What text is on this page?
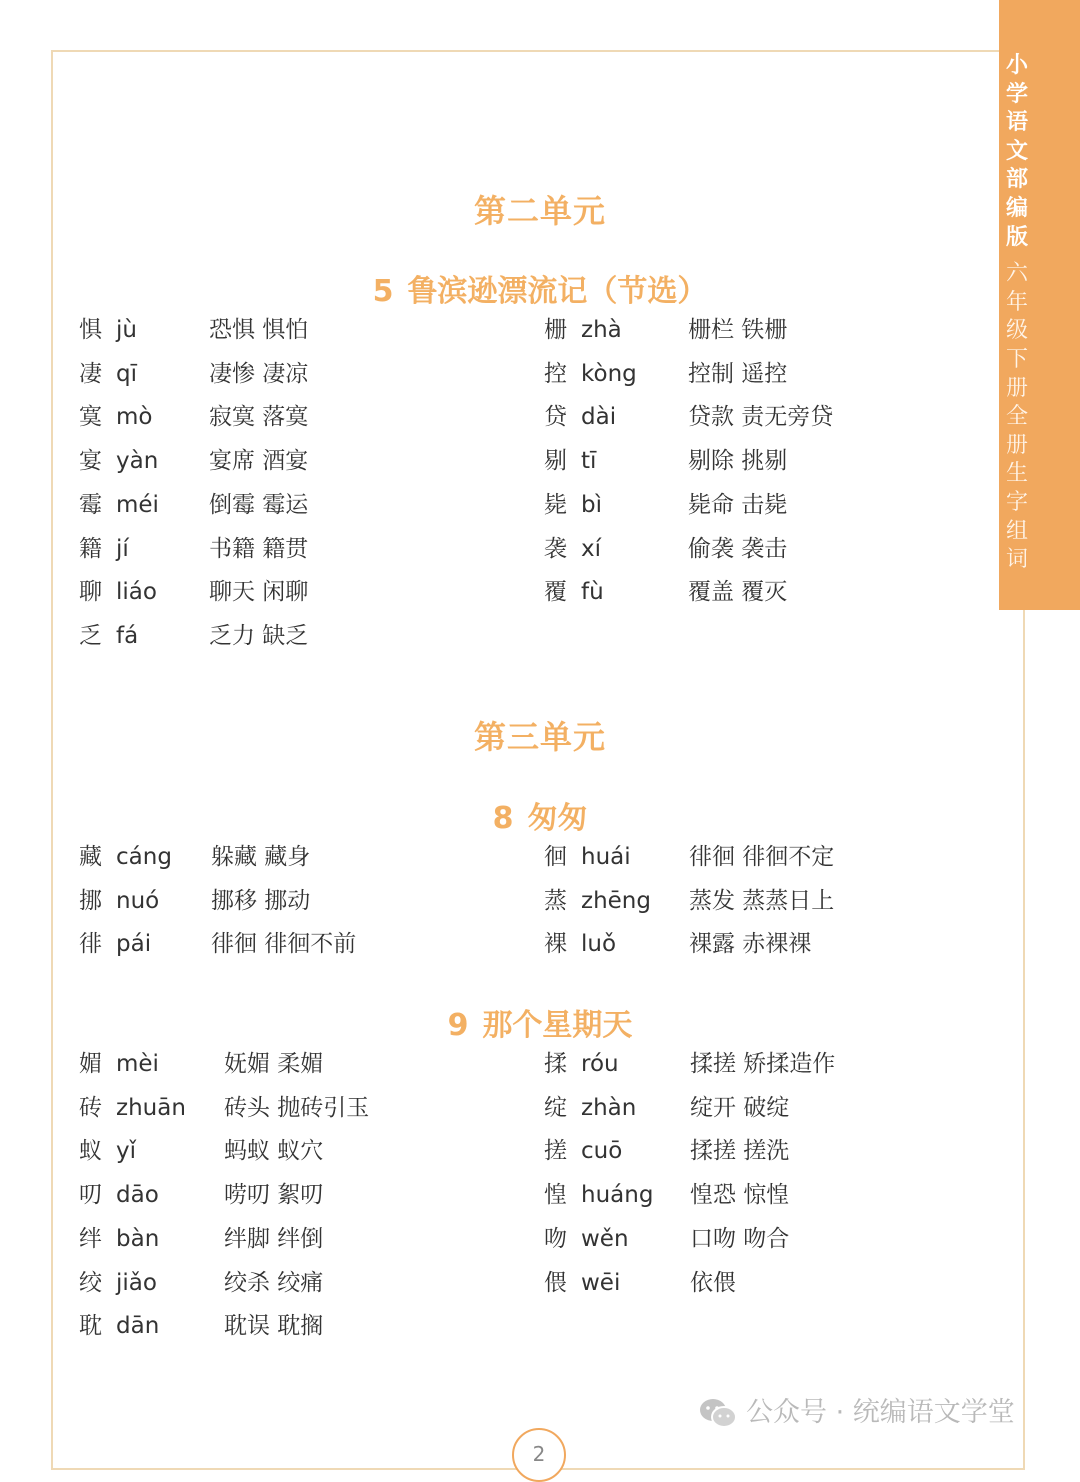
小学语文部编版
六年级下册 全册生字组词
第二单元
5 鲁滨逊漂流记（节选）
第三单元
8 匆匆
9 那个星期天
惧 jù	恐惧 惧怕
凄 qī	凄惨 凄凉
寞 mò 寂寞 落寞
宴 yàn 宴席 酒宴
霉 méi 倒霉 霉运
籍 jí	书籍 籍贯
聊 liáo 聊天 闲聊
乏 fá	乏力 缺乏
栅 zhà	栅栏 铁栅
控 kòng 控制 遥控
贷 dài	贷款 责无旁贷
剔 tī	剔除 挑剔
毙 bì	毙命 击毙
袭 xí	偷袭 袭击
覆 fù	覆盖 覆灭
藏 cáng 躲藏 藏身
挪 nuó 挪移 挪动
徘 pái	徘徊 徘徊不前
徊 huái	徘徊 徘徊不定
蒸 zhēng 蒸发 蒸蒸日上
裸 luǒ	裸露 赤裸裸
媚 mèi	妩媚 柔媚
砖 zhuān 砖头 抛砖引玉
蚁 yǐ	蚂蚁 蚁穴
叨 dāo	唠叨 絮叨
绊 bàn	绊脚 绊倒
绞 jiǎo	绞杀 绞痛
耽 dān	耽误 耽搁
揉 róu	揉搓 矫揉造作
绽 zhàn 绽开 破绽
搓 cuō	揉搓 搓洗
惶 huáng 惶恐 惊惶
吻 wěn	口吻 吻合
偎 wēi	依偎
公众号 · 统编语文学堂
2
